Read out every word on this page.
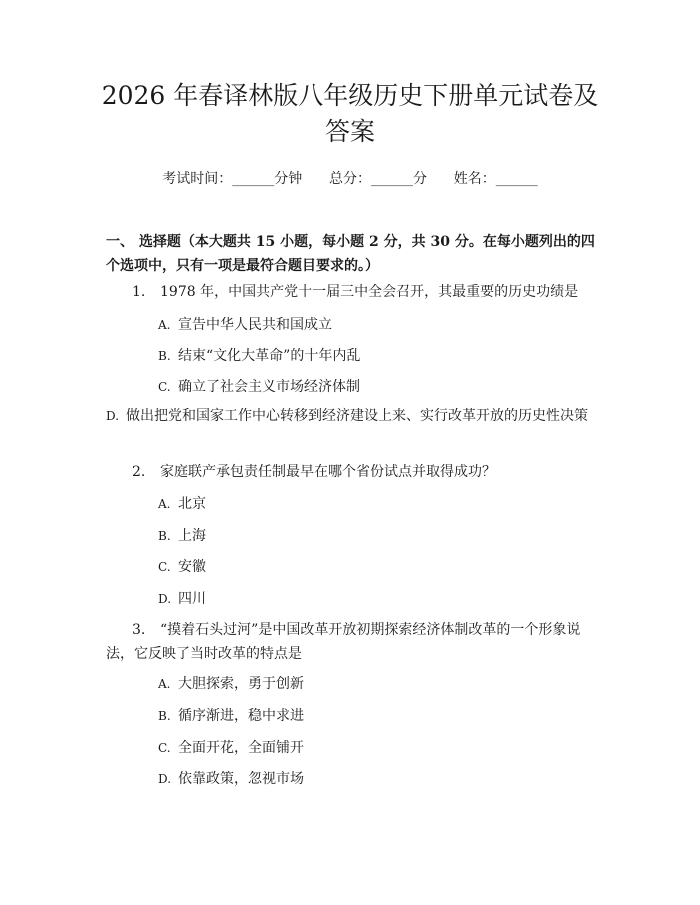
2026 年春译林版八年级历史下册单元试卷及
答案
考试时间：______分钟      总分：______分      姓名：______

一、 选择题（本大题共 15 小题，每小题 2 分，共 30 分。在每小题列出的四个选项中，只有一项是最符合题目要求的。）

1. 1978 年，中国共产党十一届三中全会召开，其最重要的历史功绩是

A. 宣告中华人民共和国成立

B. 结束“文化大革命”的十年内乱

C. 确立了社会主义市场经济体制

D. 做出把党和国家工作中心转移到经济建设上来、实行改革开放的历史性决策

2. 家庭联产承包责任制最早在哪个省份试点并取得成功？

A. 北京

B. 上海

C. 安徽

D. 四川

3. “摸着石头过河”是中国改革开放初期探索经济体制改革的一个形象说法，它反映了当时改革的特点是

A. 大胆探索，勇于创新

B. 循序渐进，稳中求进

C. 全面开花，全面铺开

D. 依靠政策，忽视市场
